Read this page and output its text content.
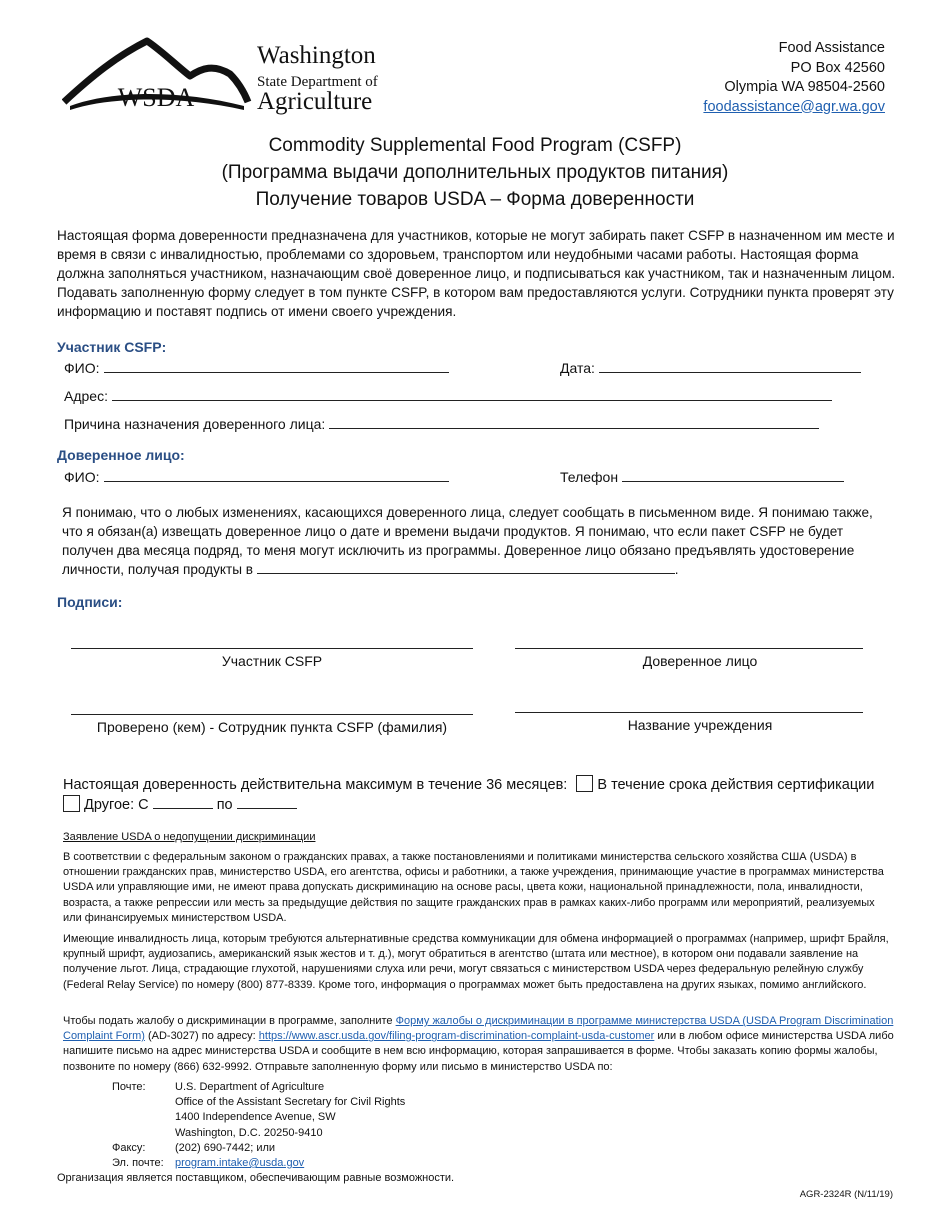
WSDA
Washington
State Department of
Agriculture
Food Assistance
PO Box 42560
Olympia WA 98504-2560
foodassistance@agr.wa.gov
Commodity Supplemental Food Program (CSFP)
(Программа выдачи дополнительных продуктов питания)
Получение товаров USDA – Форма доверенности
Настоящая форма доверенности предназначена для участников, которые не могут забирать пакет CSFP в назначенном им месте и время в связи с инвалидностью, проблемами со здоровьем, транспортом или неудобными часами работы. Настоящая форма должна заполняться участником, назначающим своё доверенное лицо, и подписываться как участником, так и назначенным лицом. Подавать заполненную форму следует в том пункте CSFP, в котором вам предоставляются услуги. Сотрудники пункта проверят эту информацию и поставят подпись от имени своего учреждения.
Участник CSFP:
ФИО:	Дата:
Адрес:
Причина назначения доверенного лица:
Доверенное лицо:
ФИО:	Телефон
Я понимаю, что о любых изменениях, касающихся доверенного лица, следует сообщать в письменном виде. Я понимаю также, что я обязан(а) извещать доверенное лицо о дате и времени выдачи продуктов. Я понимаю, что если пакет CSFP не будет получен два месяца подряд, то меня могут исключить из программы. Доверенное лицо обязано предъявлять удостоверение личности, получая продукты в	.
Подписи:
Участник CSFP	Доверенное лицо
Проверено (кем) - Сотрудник пункта CSFP (фамилия)	Название учреждения
Настоящая доверенность действительна максимум в течение 36 месяцев: В течение срока действия сертификации
Другое: С	по
Заявление USDA о недопущении дискриминации
В соответствии с федеральным законом о гражданских правах, а также постановлениями и политиками министерства сельского хозяйства США (USDA) в отношении гражданских прав, министерство USDA, его агентства, офисы и работники, а также учреждения, принимающие участие в программах министерства USDA или управляющие ими, не имеют права допускать дискриминацию на основе расы, цвета кожи, национальной принадлежности, пола, инвалидности, возраста, а также репрессии или месть за предыдущие действия по защите гражданских прав в рамках каких-либо программ или мероприятий, реализуемых или финансируемых министерством USDA.
Имеющие инвалидность лица, которым требуются альтернативные средства коммуникации для обмена информацией о программах (например, шрифт Брайля, крупный шрифт, аудиозапись, американский язык жестов и т. д.), могут обратиться в агентство (штата или местное), в котором они подавали заявление на получение льгот. Лица, страдающие глухотой, нарушениями слуха или речи, могут связаться с министерством USDA через федеральную релейную службу (Federal Relay Service) по номеру (800) 877-8339. Кроме того, информация о программах может быть предоставлена на других языках, помимо английского.
Чтобы подать жалобу о дискриминации в программе, заполните Форму жалобы о дискриминации в программе министерства USDA (USDA Program Discrimination Complaint Form) (AD-3027) по адресу: https://www.ascr.usda.gov/filing-program-discrimination-complaint-usda-customer или в любом офисе министерства USDA либо напишите письмо на адрес министерства USDA и сообщите в нем всю информацию, которая запрашивается в форме. Чтобы заказать копию формы жалобы, позвоните по номеру (866) 632-9992. Отправьте заполненную форму или письмо в министерство USDA по:
Почте:	U.S. Department of Agriculture
Office of the Assistant Secretary for Civil Rights
1400 Independence Avenue, SW
Washington, D.C. 20250-9410
Факсу:	(202) 690-7442; или
Эл. почте: program.intake@usda.gov
Организация является поставщиком, обеспечивающим равные возможности.
AGR-2324R (N/11/19)
